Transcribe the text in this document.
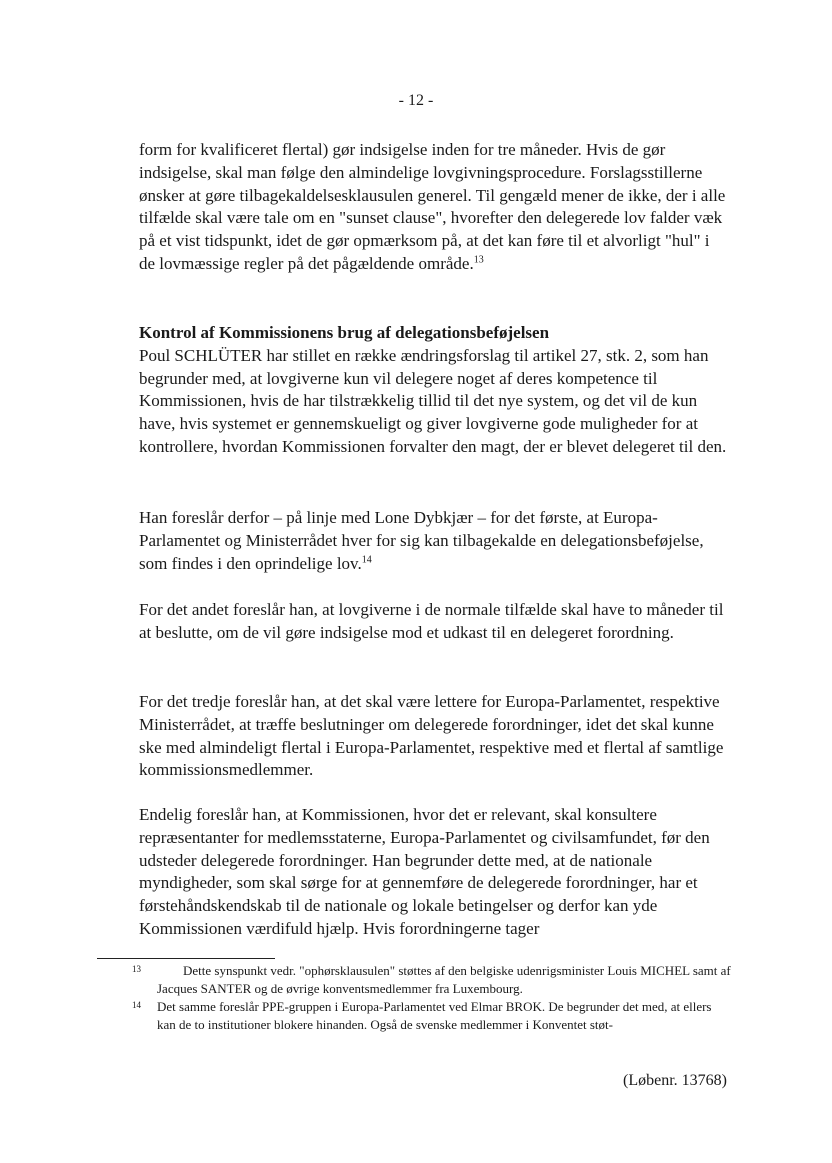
- 12 -

form for kvalificeret flertal) gør indsigelse inden for tre måneder. Hvis de gør indsigelse, skal man følge den almindelige lovgivningsprocedure. Forslagsstillerne ønsker at gøre tilbagekaldelsesklausulen generel. Til gengæld mener de ikke, der i alle tilfælde skal være tale om en "sunset clause", hvorefter den delegerede lov falder væk på et vist tidspunkt, idet de gør opmærksom på, at det kan føre til et alvorligt "hul" i de lovmæssige regler på det pågældende område.$^{13}$

Kontrol af Kommissionens brug af delegationsbeføjelsen

Poul SCHLÜTER har stillet en række ændringsforslag til artikel 27, stk. 2, som han begrunder med, at lovgiverne kun vil delegere noget af deres kompetence til Kommissionen, hvis de har tilstrækkelig tillid til det nye system, og det vil de kun have, hvis systemet er gennemskueligt og giver lovgiverne gode muligheder for at kontrollere, hvordan Kommissionen forvalter den magt, der er blevet delegeret til den.

Han foreslår derfor – på linje med Lone Dybkjær – for det første, at Europa-Parlamentet og Ministerrådet hver for sig kan tilbagekalde en delegationsbeføjelse, som findes i den oprindelige lov.$^{14}$

For det andet foreslår han, at lovgiverne i de normale tilfælde skal have to måneder til at beslutte, om de vil gøre indsigelse mod et udkast til en delegeret forordning.

For det tredje foreslår han, at det skal være lettere for Europa-Parlamentet, respektive Ministerrådet, at træffe beslutninger om delegerede forordninger, idet det skal kunne ske med almindeligt flertal i Europa-Parlamentet, respektive med et flertal af samtlige kommissionsmedlemmer.

Endelig foreslår han, at Kommissionen, hvor det er relevant, skal konsultere repræsentanter for medlemsstaterne, Europa-Parlamentet og civilsamfundet, før den udsteder delegerede forordninger. Han begrunder dette med, at de nationale myndigheder, som skal sørge for at gennemføre de delegerede forordninger, har et førstehåndskendskab til de nationale og lokale betingelser og derfor kan yde Kommissionen værdifuld hjælp. Hvis forordningerne tager

13	Dette synspunkt vedr. "ophørsklausulen" støttes af den belgiske udenrigsminister Louis MICHEL samt af Jacques SANTER og de øvrige konventsmedlemmer fra Luxembourg.
14	Det samme foreslår PPE-gruppen i Europa-Parlamentet ved Elmar BROK. De begrunder det med, at ellers kan de to institutioner blokere hinanden. Også de svenske medlemmer i Konventet støt-
(Løbenr. 13768)
